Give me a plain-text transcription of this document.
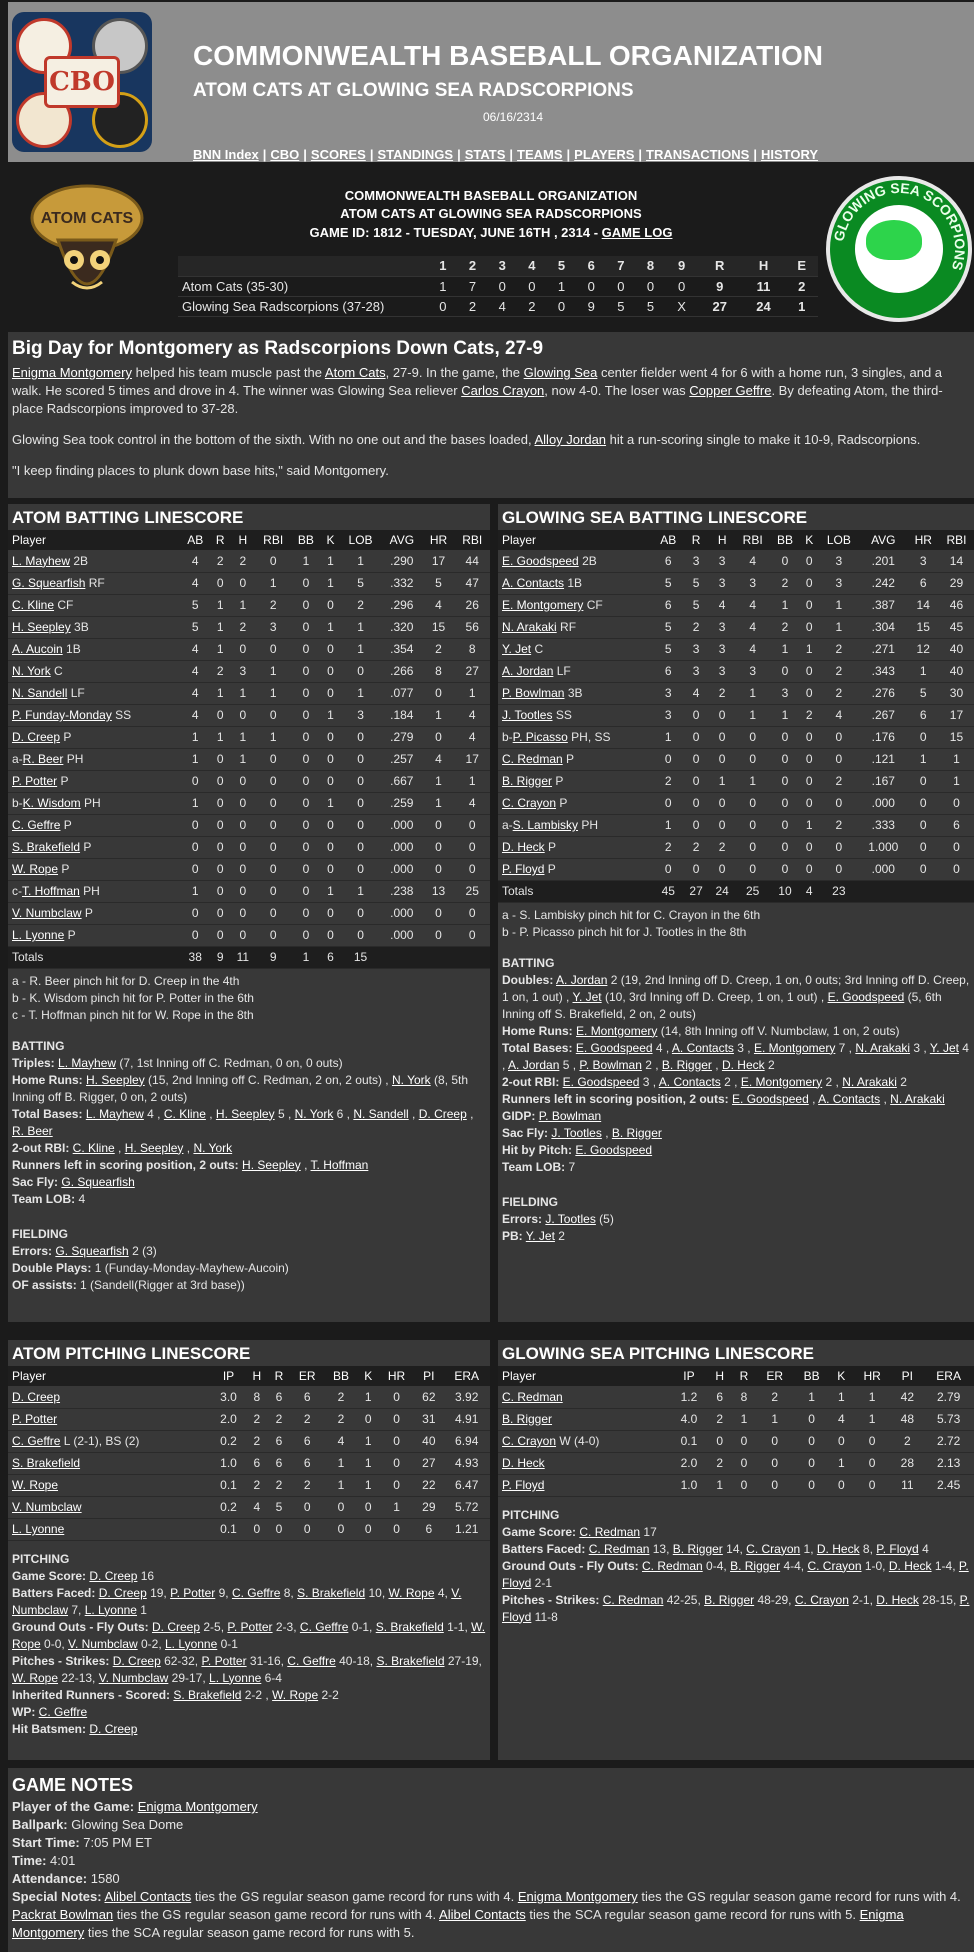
CBO
COMMONWEALTH BASEBALL ORGANIZATION
ATOM CATS AT GLOWING SEA RADSCORPIONS
06/16/2314
BNN Index | CBO | SCORES | STANDINGS | STATS | TEAMS | PLAYERS | TRANSACTIONS | HISTORY
ATOM CATS
COMMONWEALTH BASEBALL ORGANIZATION
ATOM CATS AT GLOWING SEA RADSCORPIONS
GAME ID: 1812 - TUESDAY, JUNE 16TH , 2314 - GAME LOG
	1	2	3	4	5	6	7	8	9	R	H	E
Atom Cats (35-30)	1	7	0	0	1	0	0	0	0	9	11	2
Glowing Sea Radscorpions (37-28)	0	2	4	2	0	9	5	5	X	27	24	1
GLOWING SEA SCORPIONS
Big Day for Montgomery as Radscorpions Down Cats, 27-9

Enigma Montgomery helped his team muscle past the Atom Cats, 27-9. In the game, the Glowing Sea center fielder went 4 for 6 with a home run, 3 singles, and a walk. He scored 5 times and drove in 4. The winner was Glowing Sea reliever Carlos Crayon, now 4-0. The loser was Copper Geffre. By defeating Atom, the third-place Radscorpions improved to 37-28.

Glowing Sea took control in the bottom of the sixth. With no one out and the bases loaded, Alloy Jordan hit a run-scoring single to make it 10-9, Radscorpions.

"I keep finding places to plunk down base hits," said Montgomery.

ATOM BATTING LINESCORE
Player	AB	R	H	RBI	BB	K	LOB	AVG	HR	RBI
L. Mayhew 2B	4	2	2	0	1	1	1	.290	17	44
G. Squearfish RF	4	0	0	1	0	1	5	.332	5	47
C. Kline CF	5	1	1	2	0	0	2	.296	4	26
H. Seepley 3B	5	1	2	3	0	1	1	.320	15	56
A. Aucoin 1B	4	1	0	0	0	0	1	.354	2	8
N. York C	4	2	3	1	0	0	0	.266	8	27
N. Sandell LF	4	1	1	1	0	0	1	.077	0	1
P. Funday-Monday SS	4	0	0	0	0	1	3	.184	1	4
D. Creep P	1	1	1	1	0	0	0	.279	0	4
a-R. Beer PH	1	0	1	0	0	0	0	.257	4	17
P. Potter P	0	0	0	0	0	0	0	.667	1	1
b-K. Wisdom PH	1	0	0	0	0	1	0	.259	1	4
C. Geffre P	0	0	0	0	0	0	0	.000	0	0
S. Brakefield P	0	0	0	0	0	0	0	.000	0	0
W. Rope P	0	0	0	0	0	0	0	.000	0	0
c-T. Hoffman PH	1	0	0	0	0	1	1	.238	13	25
V. Numbclaw P	0	0	0	0	0	0	0	.000	0	0
L. Lyonne P	0	0	0	0	0	0	0	.000	0	0
Totals	38	9	11	9	1	6	15			
a - R. Beer pinch hit for D. Creep in the 4th
b - K. Wisdom pinch hit for P. Potter in the 6th
c - T. Hoffman pinch hit for W. Rope in the 8th
BATTING
Triples: L. Mayhew (7, 1st Inning off C. Redman, 0 on, 0 outs)
Home Runs: H. Seepley (15, 2nd Inning off C. Redman, 2 on, 2 outs) , N. York (8, 5th Inning off B. Rigger, 0 on, 2 outs)
Total Bases: L. Mayhew 4 , C. Kline , H. Seepley 5 , N. York 6 , N. Sandell , D. Creep , R. Beer
2-out RBI: C. Kline , H. Seepley , N. York
Runners left in scoring position, 2 outs: H. Seepley , T. Hoffman
Sac Fly: G. Squearfish
Team LOB: 4
FIELDING
Errors: G. Squearfish 2 (3)
Double Plays: 1 (Funday-Monday-Mayhew-Aucoin)
OF assists: 1 (Sandell(Rigger at 3rd base))
GLOWING SEA BATTING LINESCORE
Player	AB	R	H	RBI	BB	K	LOB	AVG	HR	RBI
E. Goodspeed 2B	6	3	3	4	0	0	3	.201	3	14
A. Contacts 1B	5	5	3	3	2	0	3	.242	6	29
E. Montgomery CF	6	5	4	4	1	0	1	.387	14	46
N. Arakaki RF	5	2	3	4	2	0	1	.304	15	45
Y. Jet C	5	3	3	4	1	1	2	.271	12	40
A. Jordan LF	6	3	3	3	0	0	2	.343	1	40
P. Bowlman 3B	3	4	2	1	3	0	2	.276	5	30
J. Tootles SS	3	0	0	1	1	2	4	.267	6	17
b-P. Picasso PH, SS	1	0	0	0	0	0	0	.176	0	15
C. Redman P	0	0	0	0	0	0	0	.121	1	1
B. Rigger P	2	0	1	1	0	0	2	.167	0	1
C. Crayon P	0	0	0	0	0	0	0	.000	0	0
a-S. Lambisky PH	1	0	0	0	0	1	2	.333	0	6
D. Heck P	2	2	2	0	0	0	0	1.000	0	0
P. Floyd P	0	0	0	0	0	0	0	.000	0	0
Totals	45	27	24	25	10	4	23			
a - S. Lambisky pinch hit for C. Crayon in the 6th
b - P. Picasso pinch hit for J. Tootles in the 8th
BATTING
Doubles: A. Jordan 2 (19, 2nd Inning off D. Creep, 1 on, 0 outs; 3rd Inning off D. Creep, 1 on, 1 out) , Y. Jet (10, 3rd Inning off D. Creep, 1 on, 1 out) , E. Goodspeed (5, 6th Inning off S. Brakefield, 2 on, 2 outs)
Home Runs: E. Montgomery (14, 8th Inning off V. Numbclaw, 1 on, 2 outs)
Total Bases: E. Goodspeed 4 , A. Contacts 3 , E. Montgomery 7 , N. Arakaki 3 , Y. Jet 4 , A. Jordan 5 , P. Bowlman 2 , B. Rigger , D. Heck 2
2-out RBI: E. Goodspeed 3 , A. Contacts 2 , E. Montgomery 2 , N. Arakaki 2
Runners left in scoring position, 2 outs: E. Goodspeed , A. Contacts , N. Arakaki
GIDP: P. Bowlman
Sac Fly: J. Tootles , B. Rigger
Hit by Pitch: E. Goodspeed
Team LOB: 7
FIELDING
Errors: J. Tootles (5)
PB: Y. Jet 2
ATOM PITCHING LINESCORE
Player	IP	H	R	ER	BB	K	HR	PI	ERA
D. Creep	3.0	8	6	6	2	1	0	62	3.92
P. Potter	2.0	2	2	2	2	0	0	31	4.91
C. Geffre L (2-1), BS (2)	0.2	2	6	6	4	1	0	40	6.94
S. Brakefield	1.0	6	6	6	1	1	0	27	4.93
W. Rope	0.1	2	2	2	1	1	0	22	6.47
V. Numbclaw	0.2	4	5	0	0	0	1	29	5.72
L. Lyonne	0.1	0	0	0	0	0	0	6	1.21
PITCHING
Game Score: D. Creep 16
Batters Faced: D. Creep 19, P. Potter 9, C. Geffre 8, S. Brakefield 10, W. Rope 4, V. Numbclaw 7, L. Lyonne 1
Ground Outs - Fly Outs: D. Creep 2-5, P. Potter 2-3, C. Geffre 0-1, S. Brakefield 1-1, W. Rope 0-0, V. Numbclaw 0-2, L. Lyonne 0-1
Pitches - Strikes: D. Creep 62-32, P. Potter 31-16, C. Geffre 40-18, S. Brakefield 27-19, W. Rope 22-13, V. Numbclaw 29-17, L. Lyonne 6-4
Inherited Runners - Scored: S. Brakefield 2-2 , W. Rope 2-2
WP: C. Geffre
Hit Batsmen: D. Creep
GLOWING SEA PITCHING LINESCORE
Player	IP	H	R	ER	BB	K	HR	PI	ERA
C. Redman	1.2	6	8	2	1	1	1	42	2.79
B. Rigger	4.0	2	1	1	0	4	1	48	5.73
C. Crayon W (4-0)	0.1	0	0	0	0	0	0	2	2.72
D. Heck	2.0	2	0	0	0	1	0	28	2.13
P. Floyd	1.0	1	0	0	0	0	0	11	2.45
PITCHING
Game Score: C. Redman 17
Batters Faced: C. Redman 13, B. Rigger 14, C. Crayon 1, D. Heck 8, P. Floyd 4
Ground Outs - Fly Outs: C. Redman 0-4, B. Rigger 4-4, C. Crayon 1-0, D. Heck 1-4, P. Floyd 2-1
Pitches - Strikes: C. Redman 42-25, B. Rigger 48-29, C. Crayon 2-1, D. Heck 28-15, P. Floyd 11-8
GAME NOTES
Player of the Game: Enigma Montgomery
Ballpark: Glowing Sea Dome
Start Time: 7:05 PM ET
Time: 4:01
Attendance: 1580
Special Notes: Alibel Contacts ties the GS regular season game record for runs with 4. Enigma Montgomery ties the GS regular season game record for runs with 4. Packrat Bowlman ties the GS regular season game record for runs with 4. Alibel Contacts ties the SCA regular season game record for runs with 5. Enigma Montgomery ties the SCA regular season game record for runs with 5.
